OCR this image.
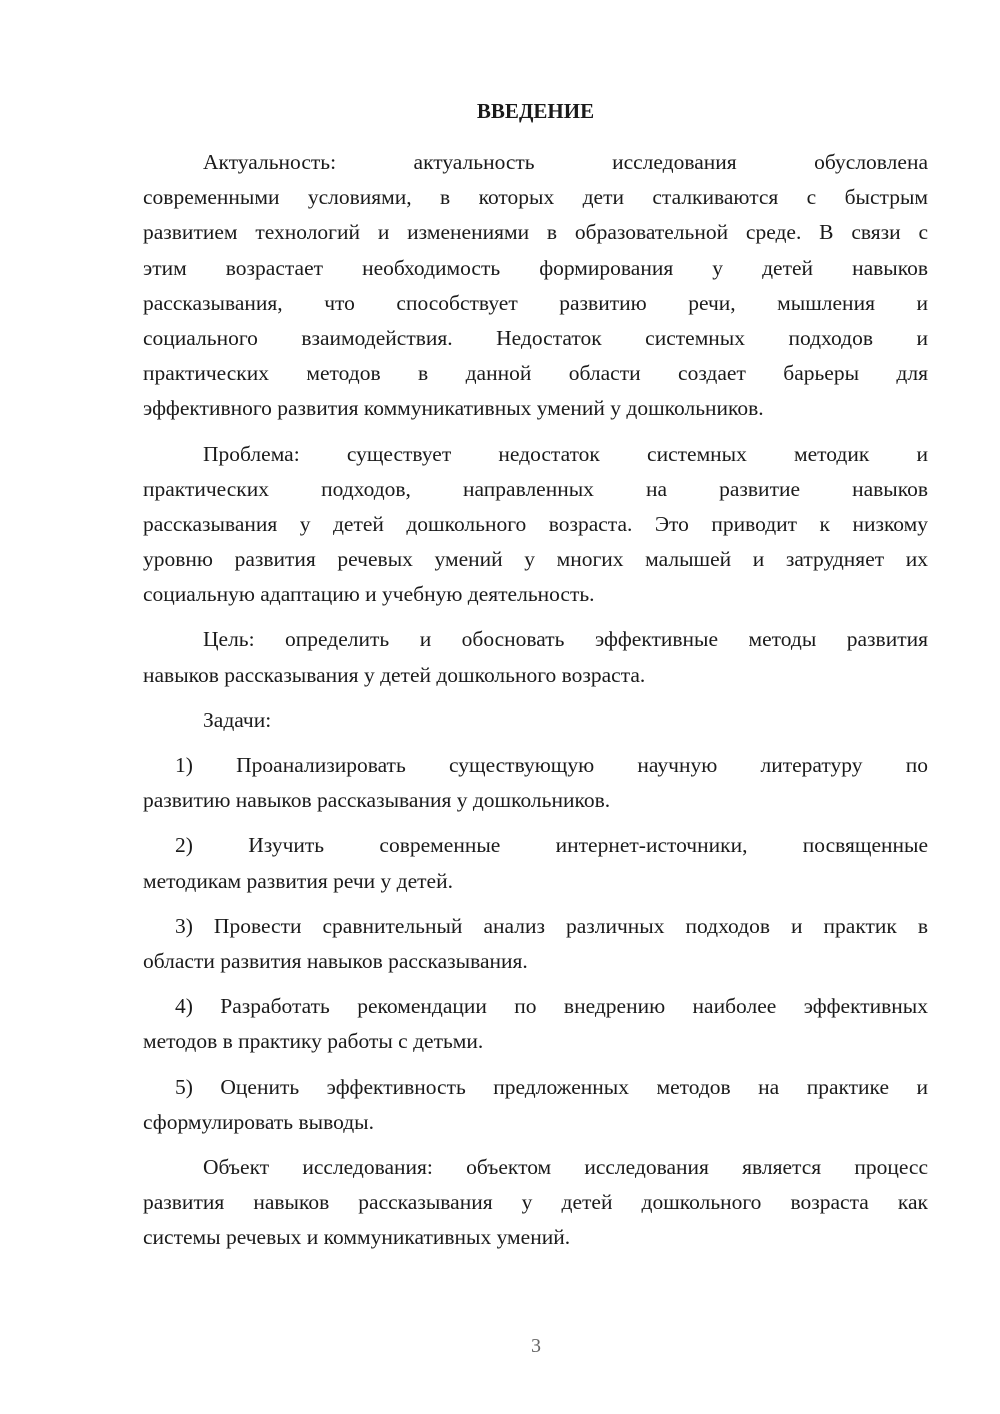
ВВЕДЕНИЕ
Актуальность: актуальность исследования обусловлена
современными условиями, в которых дети сталкиваются с быстрым
развитием технологий и изменениями в образовательной среде. В связи с
этим возрастает необходимость формирования у детей навыков
рассказывания, что способствует развитию речи, мышления и
социального взаимодействия. Недостаток системных подходов и
практических методов в данной области создает барьеры для
эффективного развития коммуникативных умений у дошкольников.
Проблема: существует недостаток системных методик и
практических подходов, направленных на развитие навыков
рассказывания у детей дошкольного возраста. Это приводит к низкому
уровню развития речевых умений у многих малышей и затрудняет их
социальную адаптацию и учебную деятельность.
Цель: определить и обосновать эффективные методы развития
навыков рассказывания у детей дошкольного возраста.
Задачи:
1) Проанализировать существующую научную литературу по
развитию навыков рассказывания у дошкольников.
2) Изучить современные интернет-источники, посвященные
методикам развития речи у детей.
3) Провести сравнительный анализ различных подходов и практик в
области развития навыков рассказывания.
4) Разработать рекомендации по внедрению наиболее эффективных
методов в практику работы с детьми.
5) Оценить эффективность предложенных методов на практике и
сформулировать выводы.
Объект исследования: объектом исследования является процесс
развития навыков рассказывания у детей дошкольного возраста как
системы речевых и коммуникативных умений.
3
